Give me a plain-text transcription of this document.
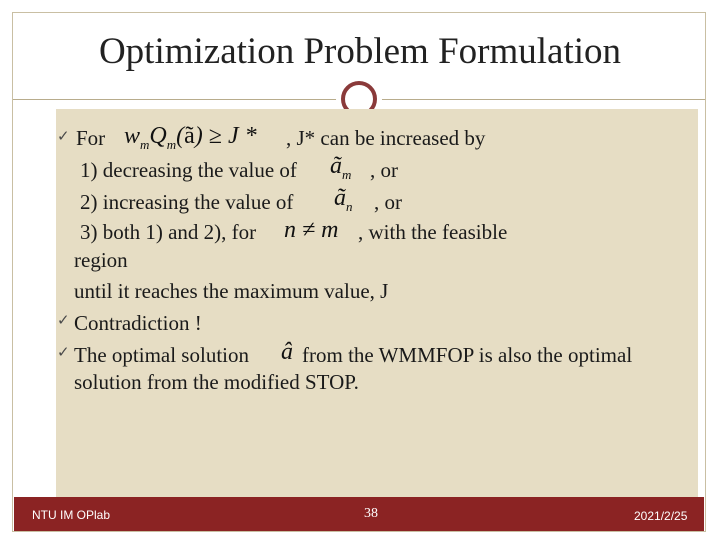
Optimization Problem Formulation
✓ For $w_mQ_m(ã) \ge J$ * , J* can be increased by
1) decreasing the value of $ã_m$ , or
2) increasing the value of $ã_n$ , or
3) both 1) and 2), for n ≠ m , with the feasible
region
until it reaches the maximum value, J
✓ Contradiction !
✓ The optimal solution â from the WMMFOP is also the optimal
solution from the modified STOP.
NTU IM OPlab	38	2021/2/25
